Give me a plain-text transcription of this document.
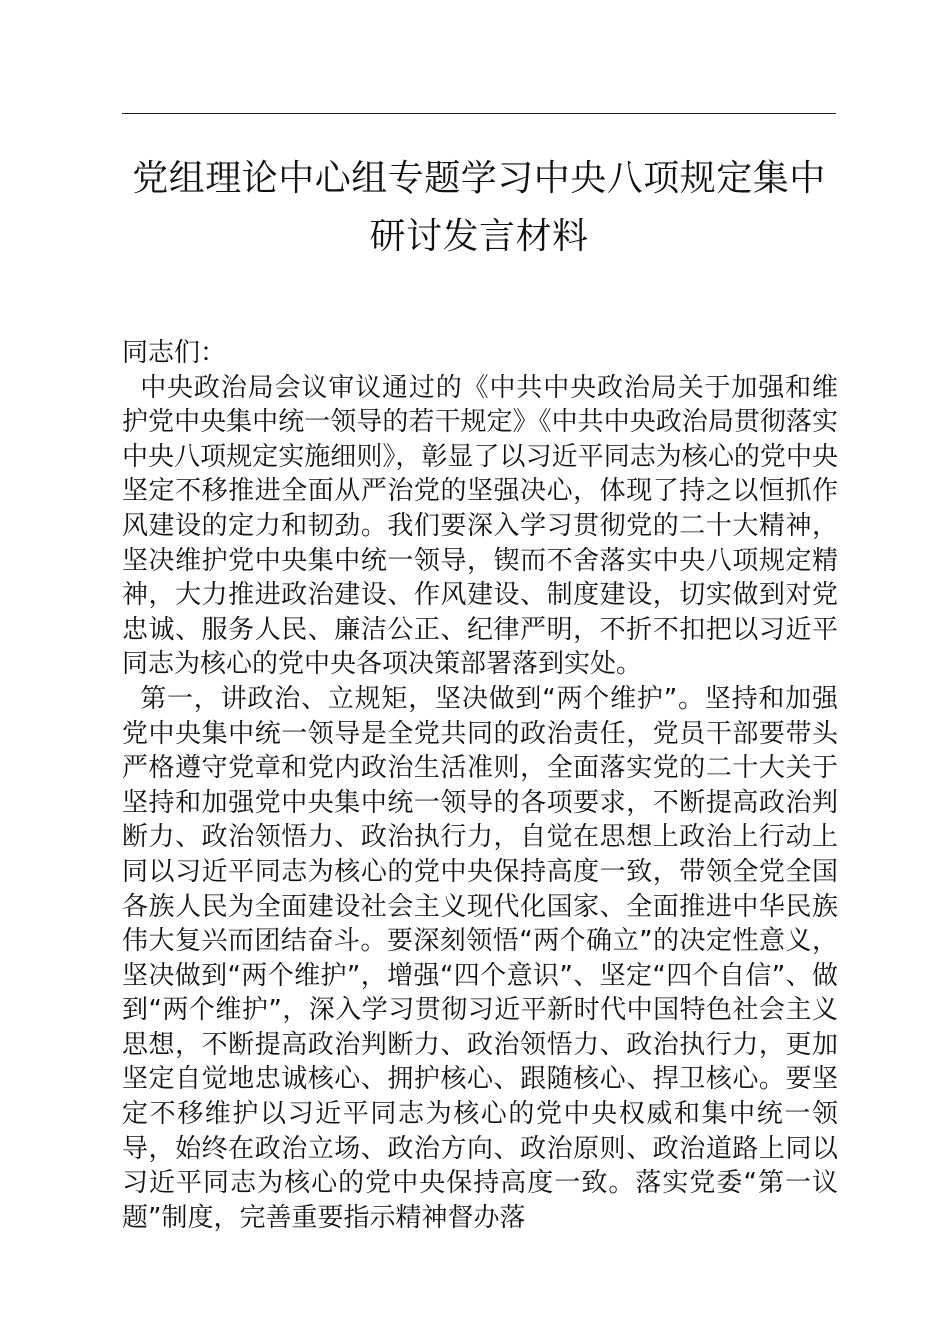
党组理论中心组专题学习中央八项规定集中研讨发言材料

同志们：

中央政治局会议审议通过的《中共中央政治局关于加强和维护党中央集中统一领导的若干规定》《中共中央政治局贯彻落实中央八项规定实施细则》，彰显了以习近平同志为核心的党中央坚定不移推进全面从严治党的坚强决心，体现了持之以恒抓作风建设的定力和韧劲。我们要深入学习贯彻党的二十大精神，坚决维护党中央集中统一领导，锲而不舍落实中央八项规定精神，大力推进政治建设、作风建设、制度建设，切实做到对党忠诚、服务人民、廉洁公正、纪律严明，不折不扣把以习近平同志为核心的党中央各项决策部署落到实处。

第一，讲政治、立规矩，坚决做到“两个维护”。坚持和加强党中央集中统一领导是全党共同的政治责任，党员干部要带头严格遵守党章和党内政治生活准则，全面落实党的二十大关于坚持和加强党中央集中统一领导的各项要求，不断提高政治判断力、政治领悟力、政治执行力，自觉在思想上政治上行动上同以习近平同志为核心的党中央保持高度一致，带领全党全国各族人民为全面建设社会主义现代化国家、全面推进中华民族伟大复兴而团结奋斗。要深刻领悟“两个确立”的决定性意义，坚决做到“两个维护”，增强“四个意识”、坚定“四个自信”、做到“两个维护”，深入学习贯彻习近平新时代中国特色社会主义思想，不断提高政治判断力、政治领悟力、政治执行力，更加坚定自觉地忠诚核心、拥护核心、跟随核心、捍卫核心。要坚定不移维护以习近平同志为核心的党中央权威和集中统一领导，始终在政治立场、政治方向、政治原则、政治道路上同以习近平同志为核心的党中央保持高度一致。落实党委“第一议题”制度，完善重要指示精神督办落
